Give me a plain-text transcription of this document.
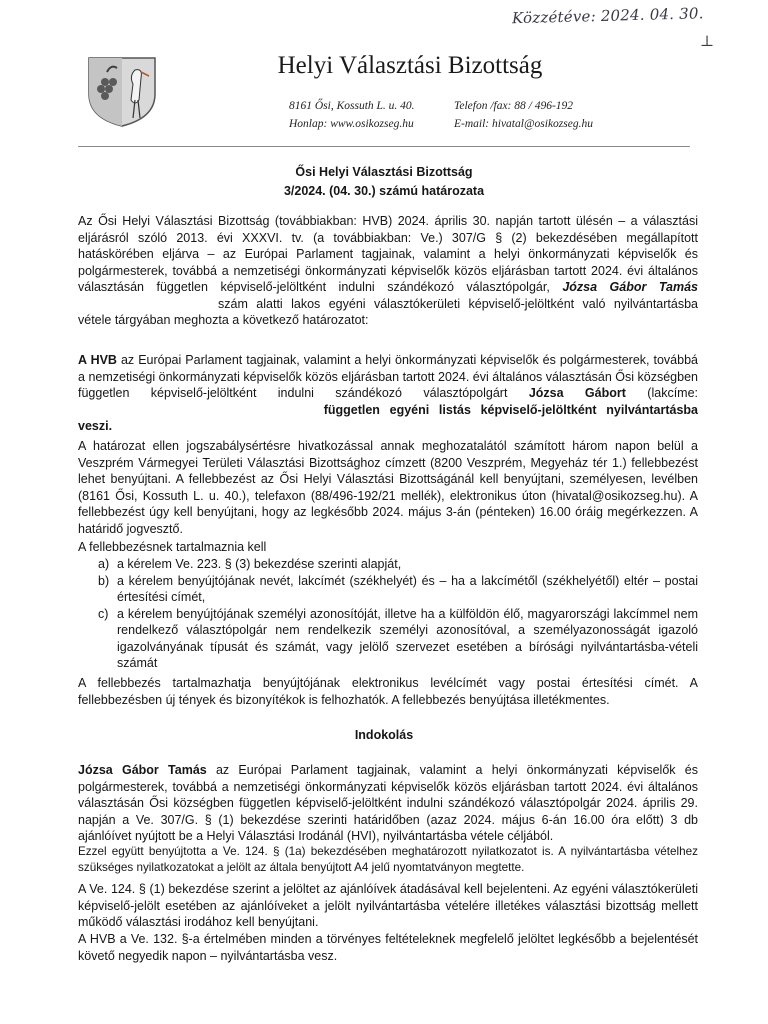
Közzétéve: 2024. 04. 30.
⊥
Helyi Választási Bizottság
8161 Ősi, Kossuth L. u. 40.
Honlap: www.osikozseg.hu
Telefon /fax: 88 / 496-192
E-mail: hivatal@osikozseg.hu
Ősi Helyi Választási Bizottság
3/2024. (04. 30.) számú határozata

Az Ősi Helyi Választási Bizottság (továbbiakban: HVB) 2024. április 30. napján tartott ülésén – a választási eljárásról szóló 2013. évi XXXVI. tv. (a továbbiakban: Ve.) 307/G § (2) bekezdésében megállapított hatáskörében eljárva – az Európai Parlament tagjainak, valamint a helyi önkormányzati képviselők és polgármesterek, továbbá a nemzetiségi önkormányzati képviselők közös eljárásban tartott 2024. évi általános választásán független képviselő-jelöltként indulni szándékozó választópolgár, Józsa Gábor Tamás szám alatti lakos egyéni választókerületi képviselő-jelöltként való nyilvántartásba vétele tárgyában meghozta a következő határozatot:

A HVB az Európai Parlament tagjainak, valamint a helyi önkormányzati képviselők és polgármesterek, továbbá a nemzetiségi önkormányzati képviselők közös eljárásban tartott 2024. évi általános választásán Ősi községben független képviselő-jelöltként indulni szándékozó választópolgárt Józsa Gábort (lakcíme:  független egyéni listás képviselő-jelöltként nyilvántartásba veszi.

A határozat ellen jogszabálysértésre hivatkozással annak meghozatalától számított három napon belül a Veszprém Vármegyei Területi Választási Bizottsághoz címzett (8200 Veszprém, Megyeház tér 1.) fellebbezést lehet benyújtani. A fellebbezést az Ősi Helyi Választási Bizottságánál kell benyújtani, személyesen, levélben (8161 Ősi, Kossuth L. u. 40.), telefaxon (88/496-192/21 mellék), elektronikus úton (hivatal@osikozseg.hu). A fellebbezést úgy kell benyújtani, hogy az legkésőbb 2024. május 3-án (pénteken) 16.00 óráig megérkezzen. A határidő jogvesztő.

A fellebbezésnek tartalmaznia kell

a) a kérelem Ve. 223. § (3) bekezdése szerinti alapját,
b) a kérelem benyújtójának nevét, lakcímét (székhelyét) és – ha a lakcímétől (székhelyétől) eltér – postai értesítési címét,
c) a kérelem benyújtójának személyi azonosítóját, illetve ha a külföldön élő, magyarországi lakcímmel nem rendelkező választópolgár nem rendelkezik személyi azonosítóval, a személyazonosságát igazoló igazolványának típusát és számát, vagy jelölő szervezet esetében a bírósági nyilvántartásba-vételi számát

A fellebbezés tartalmazhatja benyújtójának elektronikus levélcímét vagy postai értesítési címét. A fellebbezésben új tények és bizonyítékok is felhozhatók. A fellebbezés benyújtása illetékmentes.

Indokolás

Józsa Gábor Tamás az Európai Parlament tagjainak, valamint a helyi önkormányzati képviselők és polgármesterek, továbbá a nemzetiségi önkormányzati képviselők közös eljárásban tartott 2024. évi általános választásán Ősi községben független képviselő-jelöltként indulni szándékozó választópolgár 2024. április 29. napján a Ve. 307/G. § (1) bekezdése szerinti határidőben (azaz 2024. május 6-án 16.00 óra előtt) 3 db ajánlóívet nyújtott be a Helyi Választási Irodánál (HVI), nyilvántartásba vétele céljából.

Ezzel együtt benyújtotta a Ve. 124. § (1a) bekezdésében meghatározott nyilatkozatot is. A nyilvántartásba vételhez szükséges nyilatkozatokat a jelölt az általa benyújtott A4 jelű nyomtatványon megtette.

A Ve. 124. § (1) bekezdése szerint a jelöltet az ajánlóívek átadásával kell bejelenteni. Az egyéni választókerületi képviselő-jelölt esetében az ajánlóíveket a jelölt nyilvántartásba vételére illetékes választási bizottság mellett működő választási irodához kell benyújtani.

A HVB a Ve. 132. §-a értelmében minden a törvényes feltételeknek megfelelő jelöltet legkésőbb a bejelentését követő negyedik napon – nyilvántartásba vesz.
